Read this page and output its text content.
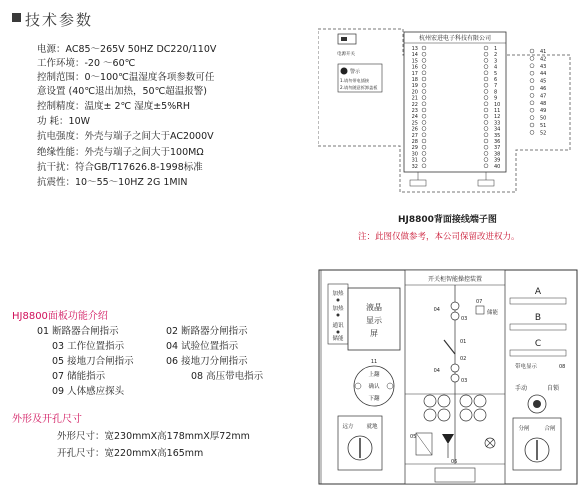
技术参数
电源：AC85～265V 50HZ DC220/110V
工作环境：-20 ～60℃
控制范围：0～100℃温湿度各项参数可任
意设置 (40℃退出加热，50℃超温报警)
控制精度：温度± 2℃ 湿度±5%RH
功 耗：10W
抗电强度：外壳与端子之间大于AC2000V
绝缘性能：外壳与端子之间大于100MΩ
抗干扰：符合GB/T17626.8-1998标准
抗震性：10～55～10HZ 2G 1MIN
杭州宏进电子科技有限公司
电源开关
警示
1.请勿带电插接
2.请勿随意拆卸盖板
13
14
15
16
17
18
19
20
21
22
23
24
25
26
27
28
29
30
31
32
1
2
3
4
5
6
7
8
9
10
11
12
33
34
35
36
37
38
39
40
41
42
43
44
45
46
47
48
49
50
51
52
HJ8800背面接线端子图
注：此图仅做参考，本公司保留改进权力。
HJ8800面板功能介绍
01 断路器合闸指示	02 断路器分闸指示
03 工作位置指示	04 试验位置指示
05 接地刀合闸指示	06 接地刀分闸指示
07 储能指示	08 高压带电指示
09 人体感应探头
外形及开孔尺寸
外形尺寸：宽230mmX高178mmX厚72mm
开孔尺寸：宽220mmX高165mm
加热
加热
通讯
储能
液晶
显示
屏
11
上翻
确认
下翻
远方 就地
开关柜智能操控装置
04
03
07
储能
01
02
04
03
05
06
A
B
C
带电显示	08
手动	自锁
分闸	合闸
